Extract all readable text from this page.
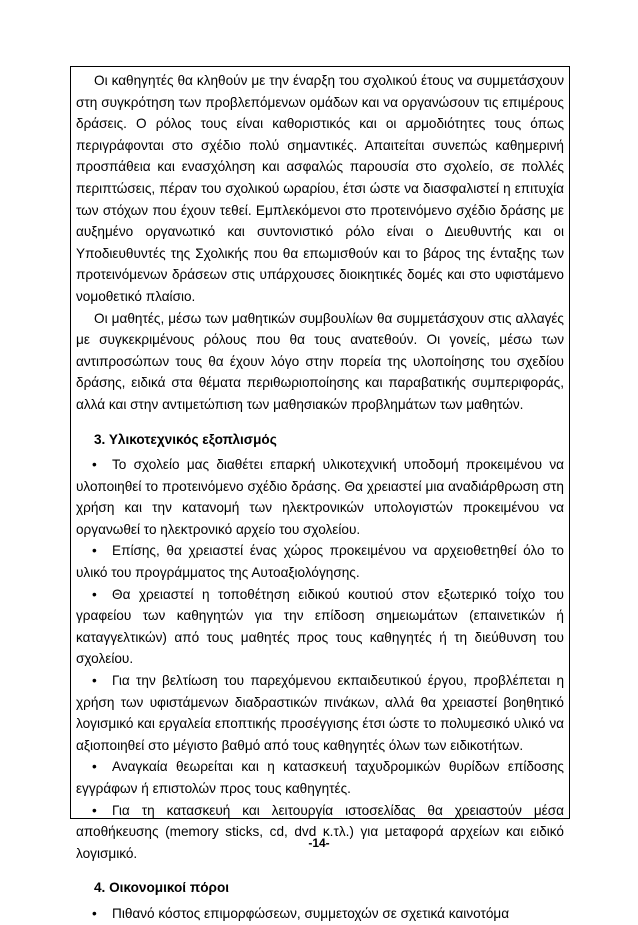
Οι καθηγητές θα κληθούν με την έναρξη του σχολικού έτους να συμμετάσχουν στη συγκρότηση των προβλεπόμενων ομάδων και να οργανώσουν τις επιμέρους δράσεις. Ο ρόλος τους είναι καθοριστικός και οι αρμοδιότητες τους όπως περιγράφονται στο σχέδιο πολύ σημαντικές. Απαιτείται συνεπώς καθημερινή προσπάθεια και ενασχόληση και ασφαλώς παρουσία στο σχολείο, σε πολλές περιπτώσεις, πέραν του σχολικού ωραρίου, έτσι ώστε να διασφαλιστεί η επιτυχία των στόχων που έχουν τεθεί. Εμπλεκόμενοι στο προτεινόμενο σχέδιο δράσης με αυξημένο οργανωτικό και συντονιστικό ρόλο είναι ο Διευθυντής και οι Υποδιευθυντές της Σχολικής που θα επωμισθούν και το βάρος της ένταξης των προτεινόμενων δράσεων στις υπάρχουσες διοικητικές δομές και στο υφιστάμενο νομοθετικό πλαίσιο.

Οι μαθητές, μέσω των μαθητικών συμβουλίων θα συμμετάσχουν στις αλλαγές με συγκεκριμένους ρόλους που θα τους ανατεθούν. Οι γονείς, μέσω των αντιπροσώπων τους θα έχουν λόγο στην πορεία της υλοποίησης του σχεδίου δράσης, ειδικά στα θέματα περιθωριοποίησης και παραβατικής συμπεριφοράς, αλλά και στην αντιμετώπιση των μαθησιακών προβλημάτων των μαθητών.

3. Υλικοτεχνικός εξοπλισμός

• Το σχολείο μας διαθέτει επαρκή υλικοτεχνική υποδομή προκειμένου να υλοποιηθεί το προτεινόμενο σχέδιο δράσης. Θα χρειαστεί μια αναδιάρθρωση στη χρήση και την κατανομή των ηλεκτρονικών υπολογιστών προκειμένου να οργανωθεί το ηλεκτρονικό αρχείο του σχολείου.

• Επίσης, θα χρειαστεί ένας χώρος προκειμένου να αρχειοθετηθεί όλο το υλικό του προγράμματος της Αυτοαξιολόγησης.

• Θα χρειαστεί η τοποθέτηση ειδικού κουτιού στον εξωτερικό τοίχο του γραφείου των καθηγητών για την επίδοση σημειωμάτων (επαινετικών ή καταγγελτικών) από τους μαθητές προς τους καθηγητές ή τη διεύθυνση του σχολείου.

• Για την βελτίωση του παρεχόμενου εκπαιδευτικού έργου, προβλέπεται η χρήση των υφιστάμενων διαδραστικών πινάκων, αλλά θα χρειαστεί βοηθητικό λογισμικό και εργαλεία εποπτικής προσέγγισης έτσι ώστε το πολυμεσικό υλικό να αξιοποιηθεί στο μέγιστο βαθμό από τους καθηγητές όλων των ειδικοτήτων.

• Αναγκαία θεωρείται και η κατασκευή ταχυδρομικών θυρίδων επίδοσης εγγράφων ή επιστολών προς τους καθηγητές.

• Για τη κατασκευή και λειτουργία ιστοσελίδας θα χρειαστούν μέσα αποθήκευσης (memory sticks, cd, dvd κ.τλ.) για μεταφορά αρχείων και ειδικό λογισμικό.

4. Οικονομικοί πόροι

• Πιθανό κόστος επιμορφώσεων, συμμετοχών σε σχετικά καινοτόμα

-14-
